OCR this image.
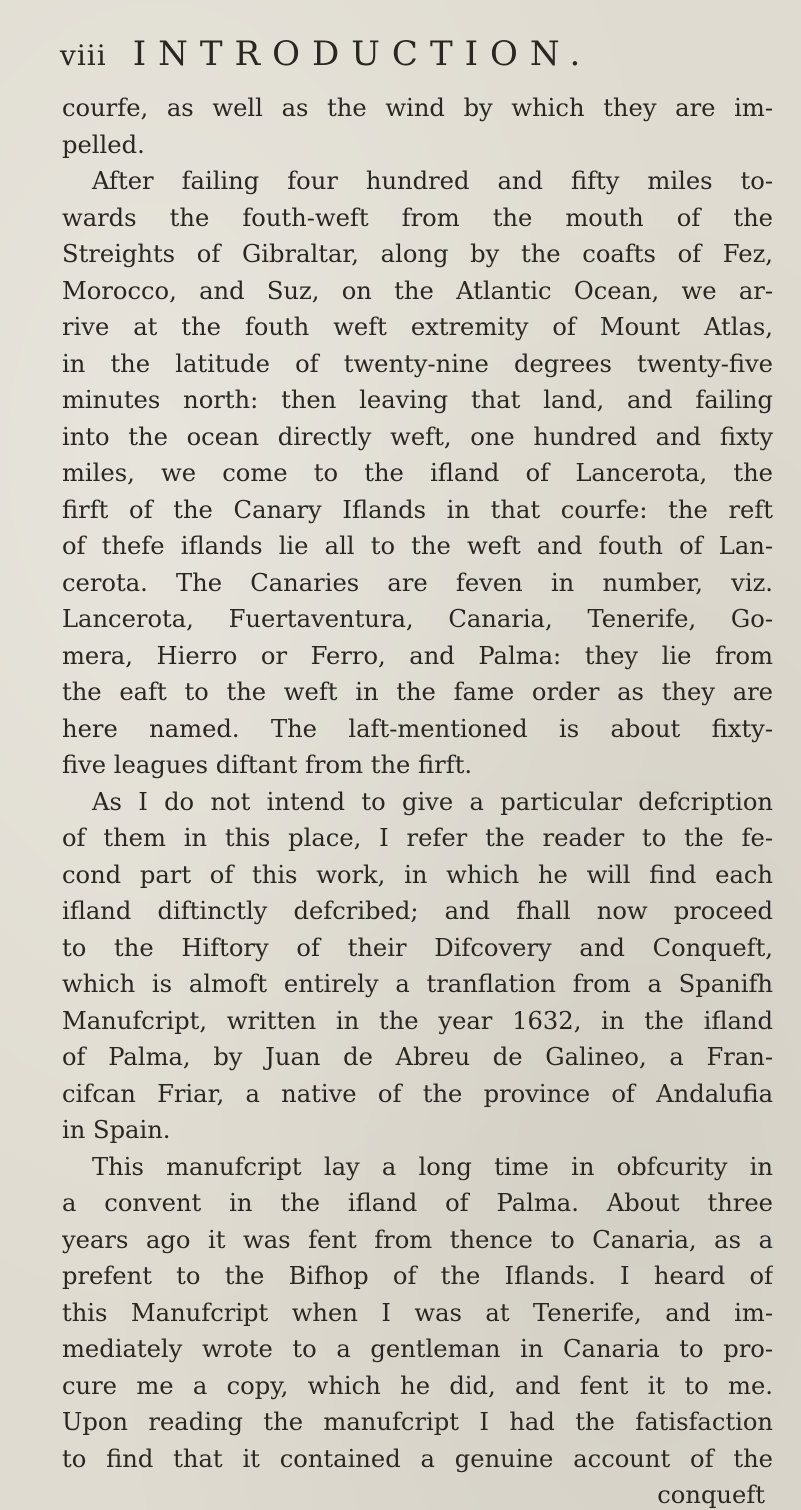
viii INTRODUCTION.
courfe, as well as the wind by which they are im-
pelled.
After failing four hundred and fifty miles to-
wards the fouth-weft from the mouth of the
Streights of Gibraltar, along by the coafts of Fez,
Morocco, and Suz, on the Atlantic Ocean, we ar-
rive at the fouth weft extremity of Mount Atlas,
in the latitude of twenty-nine degrees twenty-five
minutes north: then leaving that land, and failing
into the ocean directly weft, one hundred and fixty
miles, we come to the ifland of Lancerota, the
firft of the Canary Iflands in that courfe: the reft
of thefe iflands lie all to the weft and fouth of Lan-
cerota. The Canaries are feven in number, viz.
Lancerota, Fuertaventura, Canaria, Tenerife, Go-
mera, Hierro or Ferro, and Palma: they lie from
the eaft to the weft in the fame order as they are
here named. The laft-mentioned is about fixty-
five leagues diftant from the firft.
As I do not intend to give a particular defcription
of them in this place, I refer the reader to the fe-
cond part of this work, in which he will find each
ifland diftinctly defcribed; and fhall now proceed
to the Hiftory of their Difcovery and Conqueft,
which is almoft entirely a tranflation from a Spanifh
Manufcript, written in the year 1632, in the ifland
of Palma, by Juan de Abreu de Galineo, a Fran-
cifcan Friar, a native of the province of Andalufia
in Spain.
This manufcript lay a long time in obfcurity in
a convent in the ifland of Palma. About three
years ago it was fent from thence to Canaria, as a
prefent to the Bifhop of the Iflands. I heard of
this Manufcript when I was at Tenerife, and im-
mediately wrote to a gentleman in Canaria to pro-
cure me a copy, which he did, and fent it to me.
Upon reading the manufcript I had the fatisfaction
to find that it contained a genuine account of the
conqueft
